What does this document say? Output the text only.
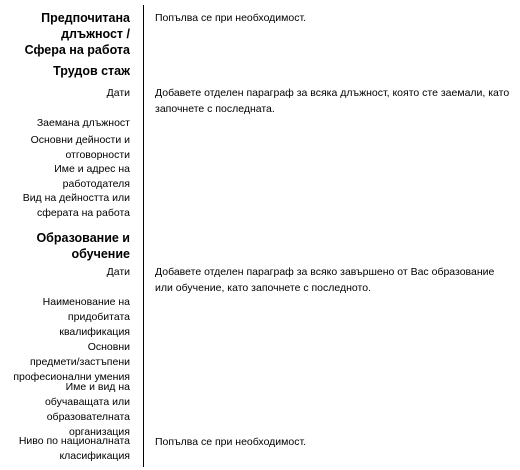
Предпочитана
длъжност /
Сфера на работа
Попълва се при необходимост.
Трудов стаж
Дати Добавете отделен параграф за всяка длъжност, която сте заемали, като започнете с последната.
Заемана длъжност
Основни дейности и
отговорности
Име и адрес на
работодателя
Вид на дейността или
сферата на работа
Образование и
обучение
Дати Добавете отделен параграф за всяко завършено от Вас образование или обучение, като започнете с последното.
Наименование на
придобитата
квалификация
Основни
предмети/застъпени
професионални умения
Име и вид на
обучаващата или
образователната
организация
Ниво по националната
класификация
Попълва се при необходимост.
